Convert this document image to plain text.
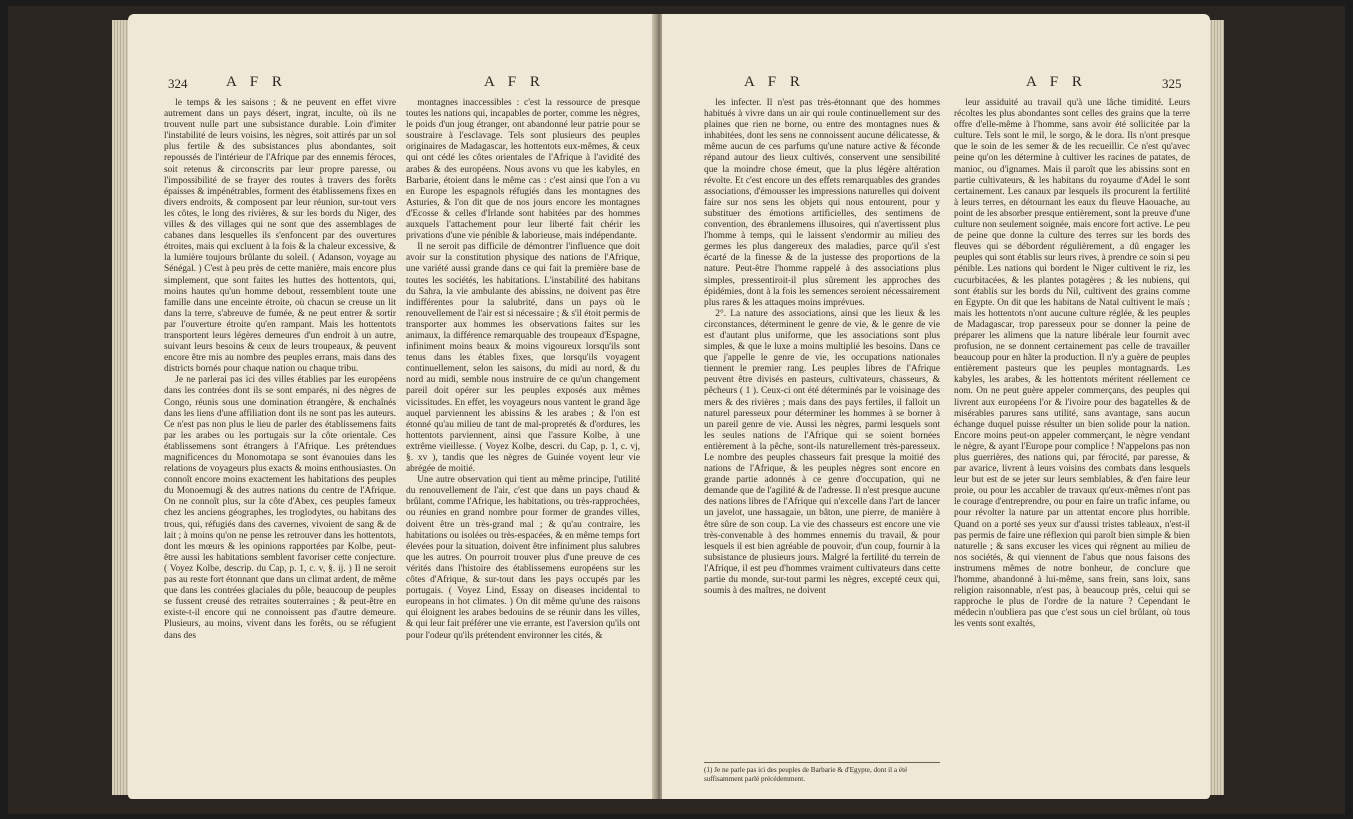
324	A F R	A F R

le temps & les saisons ; & ne peuvent en effet vivre autrement dans un pays désert, ingrat, inculte, où ils ne trouvent nulle part une subsistance durable. Loin d'imiter l'instabilité de leurs voisins, les nègres, soit attirés par un sol plus fertile & des subsistances plus abondantes, soit repoussés de l'intérieur de l'Afrique par des ennemis féroces, soit retenus & circonscrits par leur propre paresse, ou l'impossibilité de se frayer des routes à travers des forêts épaisses & impénétrables, forment des établissemens fixes en divers endroits, & composent par leur réunion, sur-tout vers les côtes, le long des rivières, & sur les bords du Niger, des villes & des villages qui ne sont que des assemblages de cabanes dans lesquelles ils s'enfoncent par des ouvertures étroites, mais qui excluent à la fois & la chaleur excessive, & la lumière toujours brûlante du soleil. ( Adanson, voyage au Sénégal. ) C'est à peu près de cette manière, mais encore plus simplement, que sont faites les huttes des hottentots, qui, moins hautes qu'un homme debout, ressemblent toute une famille dans une enceinte étroite, où chacun se creuse un lit dans la terre, s'abreuve de fumée, & ne peut entrer & sortir par l'ouverture étroite qu'en rampant. Mais les hottentots transportent leurs légères demeures d'un endroit à un autre, suivant leurs besoins & ceux de leurs troupeaux, & peuvent encore être mis au nombre des peuples errans, mais dans des districts bornés pour chaque nation ou chaque tribu.

Je ne parlerai pas ici des villes établies par les européens dans les contrées dont ils se sont emparés, ni des nègres de Congo, réunis sous une domination étrangère, & enchaînés dans les liens d'une affiliation dont ils ne sont pas les auteurs. Ce n'est pas non plus le lieu de parler des établissemens faits par les arabes ou les portugais sur la côte orientale. Ces établissemens sont étrangers à l'Afrique. Les prétendues magnificences du Monomotapa se sont évanouies dans les relations de voyageurs plus exacts & moins enthousiastes. On connoît encore moins exactement les habitations des peuples du Monoemugi & des autres nations du centre de l'Afrique. On ne connoît plus, sur la côte d'Abex, ces peuples fameux chez les anciens géographes, les troglodytes, ou habitans des trous, qui, réfugiés dans des cavernes, vivoient de sang & de lait ; à moins qu'on ne pense les retrouver dans les hottentots, dont les mœurs & les opinions rapportées par Kolbe, peut-être aussi les habitations semblent favoriser cette conjecture. ( Voyez Kolbe, descrip. du Cap, p. 1, c. v, §. ij. ) Il ne seroit pas au reste fort étonnant que dans un climat ardent, de même que dans les contrées glaciales du pôle, beaucoup de peuples se fussent creusé des retraites souterraines ; & peut-être en existe-t-il encore qui ne connoissent pas d'autre demeure. Plusieurs, au moins, vivent dans les forêts, ou se réfugient dans des

montagnes inaccessibles : c'est la ressource de presque toutes les nations qui, incapables de porter, comme les nègres, le poids d'un joug étranger, ont abandonné leur patrie pour se soustraire à l'esclavage. Tels sont plusieurs des peuples originaires de Madagascar, les hottentots eux-mêmes, & ceux qui ont cédé les côtes orientales de l'Afrique à l'avidité des arabes & des européens. Nous avons vu que les kabyles, en Barbarie, étoient dans le même cas : c'est ainsi que l'on a vu en Europe les espagnols réfugiés dans les montagnes des Asturies, & l'on dit que de nos jours encore les montagnes d'Ecosse & celles d'Irlande sont habitées par des hommes auxquels l'attachement pour leur liberté fait chérir les privations d'une vie pénible & laborieuse, mais indépendante.

Il ne seroit pas difficile de démontrer l'influence que doit avoir sur la constitution physique des nations de l'Afrique, une variété aussi grande dans ce qui fait la première base de toutes les sociétés, les habitations. L'instabilité des habitans du Sahra, la vie ambulante des abissins, ne doivent pas être indifférentes pour la salubrité, dans un pays où le renouvellement de l'air est si nécessaire ; & s'il étoit permis de transporter aux hommes les observations faites sur les animaux, la différence remarquable des troupeaux d'Espagne, infiniment moins beaux & moins vigoureux lorsqu'ils sont tenus dans les étables fixes, que lorsqu'ils voyagent continuellement, selon les saisons, du midi au nord, & du nord au midi, semble nous instruire de ce qu'un changement pareil doit opérer sur les peuples exposés aux mêmes vicissitudes. En effet, les voyageurs nous vantent le grand âge auquel parviennent les abissins & les arabes ; & l'on est étonné qu'au milieu de tant de mal-propretés & d'ordures, les hottentots parviennent, ainsi que l'assure Kolbe, à une extrême vieillesse. ( Voyez Kolbe, descri. du Cap, p. 1, c. vj, §. xv ), tandis que les nègres de Guinée voyent leur vie abrégée de moitié.

Une autre observation qui tient au même principe, l'utilité du renouvellement de l'air, c'est que dans un pays chaud & brûlant, comme l'Afrique, les habitations, ou très-rapprochées, ou réunies en grand nombre pour former de grandes villes, doivent être un très-grand mal ; & qu'au contraire, les habitations ou isolées ou très-espacées, & en même temps fort élevées pour la situation, doivent être infiniment plus salubres que les autres. On pourroit trouver plus d'une preuve de ces vérités dans l'histoire des établissemens européens sur les côtes d'Afrique, & sur-tout dans les pays occupés par les portugais. ( Voyez Lind, Essay on diseases incidental to europeans in hot climates. ) On dit même qu'une des raisons qui éloignent les arabes bedouins de se réunir dans les villes, & qui leur fait préférer une vie errante, est l'aversion qu'ils ont pour l'odeur qu'ils prétendent environner les cités, &

A F R	A F R	325

les infecter. Il n'est pas très-étonnant que des hommes habitués à vivre dans un air qui roule continuellement sur des plaines que rien ne borne, ou entre des montagnes nues & inhabitées, dont les sens ne connoissent aucune délicatesse, & même aucun de ces parfums qu'une nature active & féconde répand autour des lieux cultivés, conservent une sensibilité que la moindre chose émeut, que la plus légère altération révolte. Et c'est encore un des effets remarquables des grandes associations, d'émousser les impressions naturelles qui doivent faire sur nos sens les objets qui nous entourent, pour y substituer des émotions artificielles, des sentimens de convention, des ébranlemens illusoires, qui n'avertissent plus l'homme à temps, qui le laissent s'endormir au milieu des germes les plus dangereux des maladies, parce qu'il s'est écarté de la finesse & de la justesse des proportions de la nature. Peut-être l'homme rappelé à des associations plus simples, pressentiroit-il plus sûrement les approches des épidémies, dont à la fois les semences seroient nécessairement plus rares & les attaques moins imprévues.

2°. La nature des associations, ainsi que les lieux & les circonstances, déterminent le genre de vie, & le genre de vie est d'autant plus uniforme, que les associations sont plus simples, & que le luxe a moins multiplié les besoins. Dans ce que j'appelle le genre de vie, les occupations nationales tiennent le premier rang. Les peuples libres de l'Afrique peuvent être divisés en pasteurs, cultivateurs, chasseurs, & pêcheurs ( 1 ). Ceux-ci ont été déterminés par le voisinage des mers & des rivières ; mais dans des pays fertiles, il falloit un naturel paresseux pour déterminer les hommes à se borner à un pareil genre de vie. Aussi les nègres, parmi lesquels sont les seules nations de l'Afrique qui se soient bornées entièrement à la pêche, sont-ils naturellement très-paresseux. Le nombre des peuples chasseurs fait presque la moitié des nations de l'Afrique, & les peuples nègres sont encore en grande partie adonnés à ce genre d'occupation, qui ne demande que de l'agilité & de l'adresse. Il n'est presque aucune des nations libres de l'Afrique qui n'excelle dans l'art de lancer un javelot, une hassagaie, un bâton, une pierre, de manière à être sûre de son coup. La vie des chasseurs est encore une vie très-convenable à des hommes ennemis du travail, & pour lesquels il est bien agréable de pouvoir, d'un coup, fournir à la subsistance de plusieurs jours. Malgré la fertilité du terrein de l'Afrique, il est peu d'hommes vraiment cultivateurs dans cette partie du monde, sur-tout parmi les nègres, excepté ceux qui, soumis à des maîtres, ne doivent

leur assiduité au travail qu'à une lâche timidité. Leurs récoltes les plus abondantes sont celles des grains que la terre offre d'elle-même à l'homme, sans avoir été sollicitée par la culture. Tels sont le mil, le sorgo, & le dora. Ils n'ont presque que le soin de les semer & de les recueillir. Ce n'est qu'avec peine qu'on les détermine à cultiver les racines de patates, de manioc, ou d'ignames. Mais il paroît que les abissins sont en partie cultivateurs, & les habitans du royaume d'Adel le sont certainement. Les canaux par lesquels ils procurent la fertilité à leurs terres, en détournant les eaux du fleuve Haouache, au point de les absorber presque entièrement, sont la preuve d'une culture non seulement soignée, mais encore fort active. Le peu de peine que donne la culture des terres sur les bords des fleuves qui se débordent régulièrement, a dû engager les peuples qui sont établis sur leurs rives, à prendre ce soin si peu pénible. Les nations qui bordent le Niger cultivent le riz, les cucurbitacées, & les plantes potagères ; & les nubiens, qui sont établis sur les bords du Nil, cultivent des grains comme en Egypte. On dit que les habitans de Natal cultivent le maïs ; mais les hottentots n'ont aucune culture réglée, & les peuples de Madagascar, trop paresseux pour se donner la peine de préparer les alimens que la nature libérale leur fournit avec profusion, ne se donnent certainement pas celle de travailler beaucoup pour en hâter la production. Il n'y a guère de peuples entièrement pasteurs que les peuples montagnards. Les kabyles, les arabes, & les hottentots méritent réellement ce nom. On ne peut guère appeler commerçans, des peuples qui livrent aux européens l'or & l'ivoire pour des bagatelles & de misérables parures sans utilité, sans avantage, sans aucun échange duquel puisse résulter un bien solide pour la nation. Encore moins peut-on appeler commerçant, le nègre vendant le nègre, & ayant l'Europe pour complice ! N'appelons pas non plus guerrières, des nations qui, par férocité, par paresse, & par avarice, livrent à leurs voisins des combats dans lesquels leur but est de se jeter sur leurs semblables, & d'en faire leur proie, ou pour les accabler de travaux qu'eux-mêmes n'ont pas le courage d'entreprendre, ou pour en faire un trafic infame, ou pour révolter la nature par un attentat encore plus horrible. Quand on a porté ses yeux sur d'aussi tristes tableaux, n'est-il pas permis de faire une réflexion qui paroît bien simple & bien naturelle ; & sans excuser les vices qui règnent au milieu de nos sociétés, & qui viennent de l'abus que nous faisons des instrumens mêmes de notre bonheur, de conclure que l'homme, abandonné à lui-même, sans frein, sans loix, sans religion raisonnable, n'est pas, à beaucoup près, celui qui se rapproche le plus de l'ordre de la nature ? Cependant le médecin n'oubliera pas que c'est sous un ciel brûlant, où tous les vents sont exaltés,

(1) Je ne parle pas ici des peuples de Barbarie & d'Egypte, dont il a été suffisamment parlé précédemment.
